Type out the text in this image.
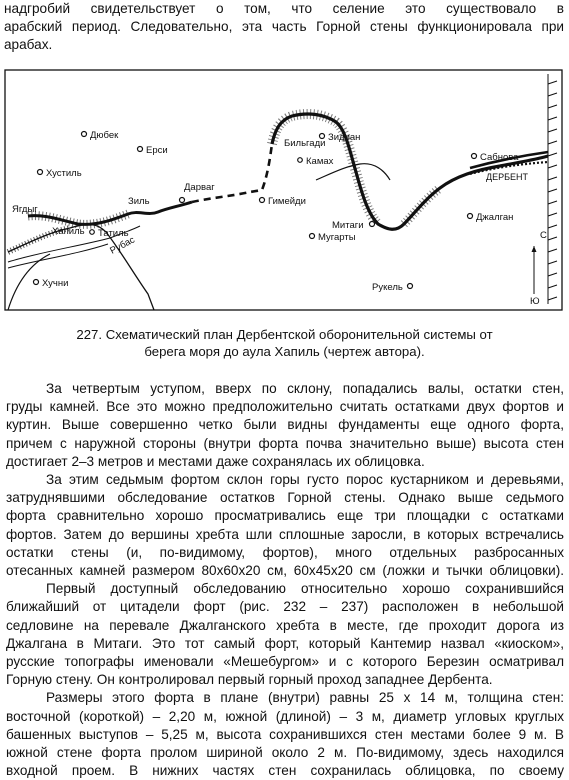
надгробий свидетельствует о том, что селение это существовало в
арабский период. Следовательно, эта часть Горной стены функционировала при
арабах.
Дюбек
Ерси
Хустиль
Ягдыг
Зиль
Дарваг
Хапиль Татиль
Гимейди
Бильгади
Зидиан
Камах	Сабнова
ДЕРБЕНТ
Митаги
Джалган
Мугарты
Рубас
Хучни	Рукель
С
Ю
227. Схематический план Дербентской оборонительной системы от
берега моря до аула Хапиль (чертеж автора).
За четвертым уступом, вверх по склону, попадались валы, остатки стен,
груды камней. Все это можно предположительно считать остатками двух фортов и
куртин. Выше совершенно четко были видны фундаменты еще одного форта,
причем с наружной стороны (внутри форта почва значительно выше) высота стен
достигает 2–3 метров и местами даже сохранялась их облицовка.
За этим седьмым фортом склон горы густо порос кустарником и деревьями,
затруднявшими обследование остатков Горной стены. Однако выше седьмого
форта сравнительно хорошо просматривались еще три площадки с остатками
фортов. Затем до вершины хребта шли сплошные заросли, в которых встречались
остатки стены (и, по-видимому, фортов), много отдельных разбросанных
отесанных камней размером 80х60х20 см, 60х45х20 см (ложки и тычки облицовки).
Первый доступный обследованию относительно хорошо сохранившийся
ближайший от цитадели форт (рис. 232 – 237) расположен в небольшой
седловине на перевале Джалганского хребта в месте, где проходит дорога из
Джалгана в Митаги. Это тот самый форт, который Кантемир назвал «киоском»,
русские топографы именовали «Мешебургом» и с которого Березин осматривал
Горную стену. Он контролировал первый горный проход западнее Дербента.
Размеры этого форта в плане (внутри) равны 25 х 14 м, толщина стен:
восточной (короткой) – 2,20 м, южной (длиной) – 3 м, диаметр угловых круглых
башенных выступов – 5,25 м, высота сохранившихся стен местами более 9 м. В
южной стене форта пролом шириной около 2 м. По-видимому, здесь находился
входной проем. В нижних частях стен сохранилась облицовка, по своему
